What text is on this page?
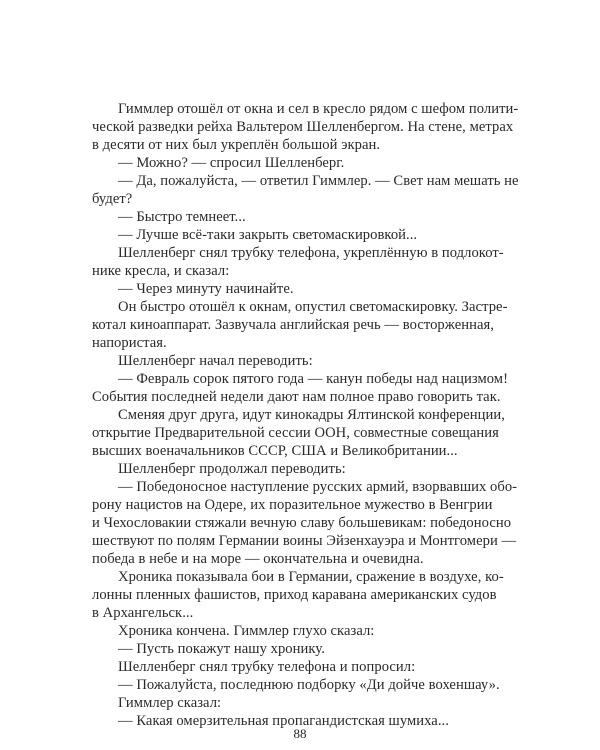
Гиммлер отошёл от окна и сел в кресло рядом с шефом полити-
ческой разведки рейха Вальтером Шелленбергом. На стене, метрах
в десяти от них был укреплён большой экран.
— Можно? — спросил Шелленберг.
— Да, пожалуйста, — ответил Гиммлер. — Свет нам мешать не
будет?
— Быстро темнеет...
— Лучше всё-таки закрыть светомаскировкой...
Шелленберг снял трубку телефона, укреплённую в подлокот-
нике кресла, и сказал:
— Через минуту начинайте.
Он быстро отошёл к окнам, опустил светомаскировку. Застре-
котал киноаппарат. Зазвучала английская речь — восторженная,
напористая.
Шелленберг начал переводить:
— Февраль сорок пятого года — канун победы над нацизмом!
События последней недели дают нам полное право говорить так.
Сменяя друг друга, идут кинокадры Ялтинской конференции,
открытие Предварительной сессии ООН, совместные совещания
высших военачальников СССР, США и Великобритании...
Шелленберг продолжал переводить:
— Победоносное наступление русских армий, взорвавших обо-
рону нацистов на Одере, их поразительное мужество в Венгрии
и Чехословакии стяжали вечную славу большевикам: победоносно
шествуют по полям Германии воины Эйзенхауэра и Монтгомери —
победа в небе и на море — окончательна и очевидна.
Хроника показывала бои в Германии, сражение в воздухе, ко-
лонны пленных фашистов, приход каравана американских судов
в Архангельск...
Хроника кончена. Гиммлер глухо сказал:
— Пусть покажут нашу хронику.
Шелленберг снял трубку телефона и попросил:
— Пожалуйста, последнюю подборку «Ди дойче вохеншау».
Гиммлер сказал:
— Какая омерзительная пропагандистская шумиха...
88
